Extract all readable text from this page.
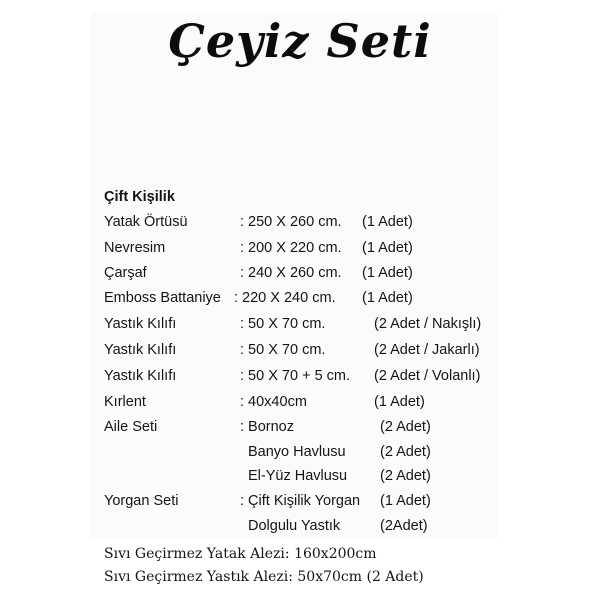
Çeyiz Seti
Çift Kişilik
Yatak Örtüsü	: 250 X 260 cm. (1 Adet)
Nevresim	: 200 X 220 cm. (1 Adet)
Çarşaf	: 240 X 260 cm. (1 Adet)
Emboss Battaniye : 220 X 240 cm. (1 Adet)
Yastık Kılıfı	: 50 X 70 cm.	(2 Adet / Nakışlı)
Yastık Kılıfı	: 50 X 70 cm.	(2 Adet / Jakarlı)
Yastık Kılıfı	: 50 X 70 + 5 cm. (2 Adet / Volanlı)
Kırlent	: 40x40cm	(1 Adet)
Aile Seti	: Bornoz	(2 Adet)
Banyo Havlusu (2 Adet)
El-Yüz Havlusu (2 Adet)
Yorgan Seti	: Çift Kişilik Yorgan (1 Adet)
Dolgulu Yastık	(2Adet)
Sıvı Geçirmez Yatak Alezi: 160x200cm
Sıvı Geçirmez Yastık Alezi: 50x70cm (2 Adet)
